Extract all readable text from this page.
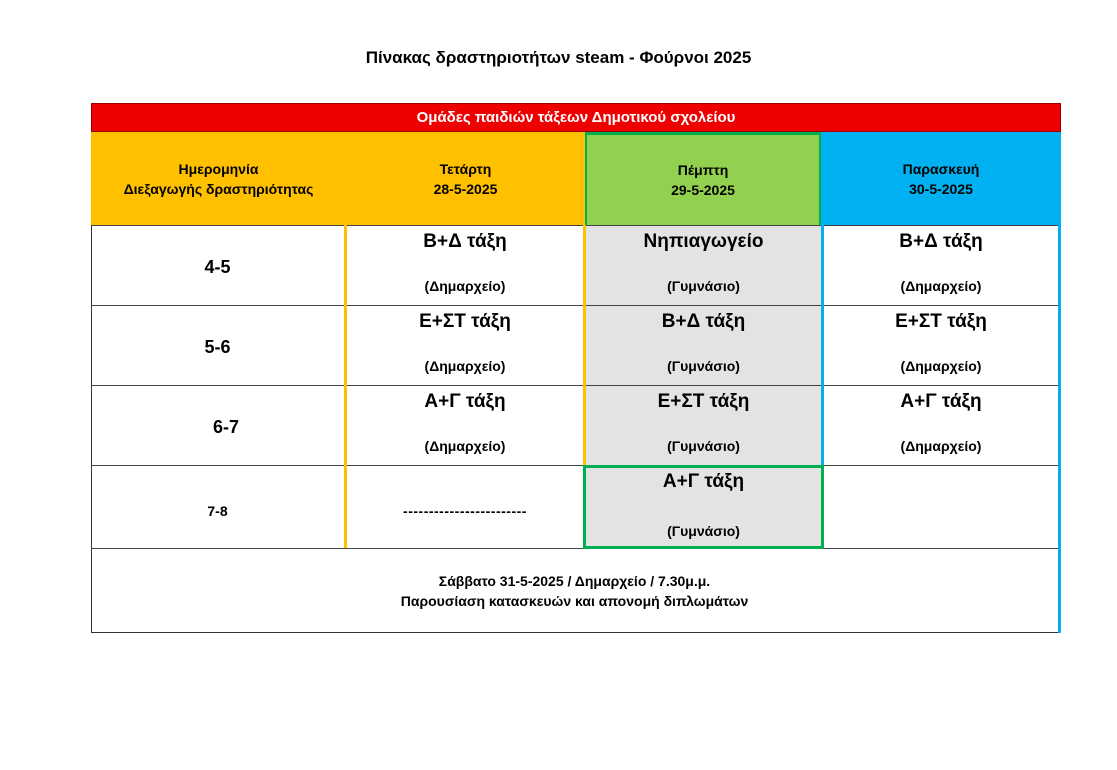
Πίνακας δραστηριοτήτων steam - Φούρνοι 2025
Ομάδες παιδιών τάξεων Δημοτικού σχολείου
Ημερομηνία
Διεξαγωγής δραστηριότητας
Τετάρτη
28-5-2025
Πέμπτη
29-5-2025
Παρασκευή
30-5-2025
4-5
Β+Δ τάξη
(Δημαρχείο)
Νηπιαγωγείο
(Γυμνάσιο)
Β+Δ τάξη
(Δημαρχείο)
5-6
Ε+ΣΤ τάξη
(Δημαρχείο)
Β+Δ τάξη
(Γυμνάσιο)
Ε+ΣΤ τάξη
(Δημαρχείο)
6-7
Α+Γ τάξη
(Δημαρχείο)
Ε+ΣΤ τάξη
(Γυμνάσιο)
Α+Γ τάξη
(Δημαρχείο)
7-8	------------------------
Α+Γ τάξη
(Γυμνάσιο)
Σάββατο 31-5-2025 / Δημαρχείο / 7.30μ.μ.
Παρουσίαση κατασκευών και απονομή διπλωμάτων
